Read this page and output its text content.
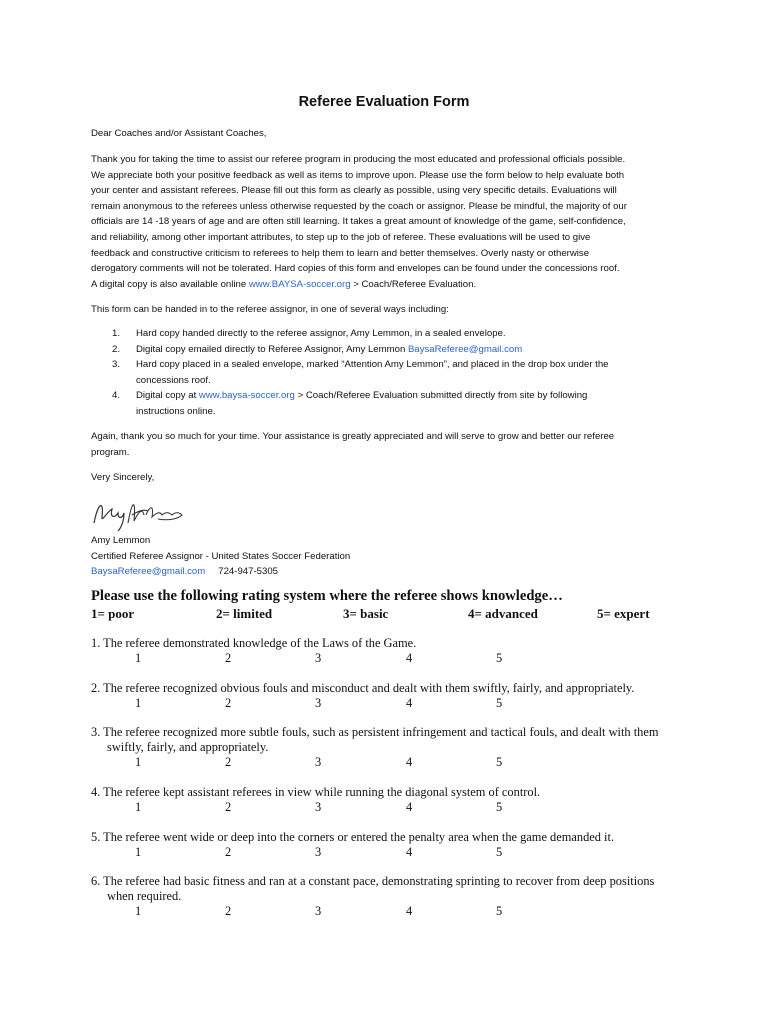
Referee Evaluation Form
Dear Coaches and/or Assistant Coaches,
Thank you for taking the time to assist our referee program in producing the most educated and professional officials possible.
We appreciate both your positive feedback as well as items to improve upon. Please use the form below to help evaluate both
your center and assistant referees. Please fill out this form as clearly as possible, using very specific details. Evaluations will
remain anonymous to the referees unless otherwise requested by the coach or assignor. Please be mindful, the majority of our
officials are 14 -18 years of age and are often still learning. It takes a great amount of knowledge of the game, self-confidence,
and reliability, among other important attributes, to step up to the job of referee. These evaluations will be used to give
feedback and constructive criticism to referees to help them to learn and better themselves. Overly nasty or otherwise
derogatory comments will not be tolerated. Hard copies of this form and envelopes can be found under the concessions roof.
A digital copy is also available online www.BAYSA-soccer.org > Coach/Referee Evaluation.
This form can be handed in to the referee assignor, in one of several ways including:
1. Hard copy handed directly to the referee assignor, Amy Lemmon, in a sealed envelope.
2. Digital copy emailed directly to Referee Assignor, Amy Lemmon BaysaReferee@gmail.com
3. Hard copy placed in a sealed envelope, marked “Attention Amy Lemmon”, and placed in the drop box under the
concessions roof.
4. Digital copy at www.baysa-soccer.org > Coach/Referee Evaluation submitted directly from site by following
instructions online.
Again, thank you so much for your time. Your assistance is greatly appreciated and will serve to grow and better our referee
program.
Very Sincerely,
Amy Lemmon
Certified Referee Assignor - United States Soccer Federation
BaysaReferee@gmail.com 724-947-5305
Please use the following rating system where the referee shows knowledge…
1= poor	2= limited	3= basic	4= advanced	5= expert
1. The referee demonstrated knowledge of the Laws of the Game.
1	2	3	4	5
2. The referee recognized obvious fouls and misconduct and dealt with them swiftly, fairly, and appropriately.
1	2	3	4	5
3. The referee recognized more subtle fouls, such as persistent infringement and tactical fouls, and dealt with them
swiftly, fairly, and appropriately.
1	2	3	4	5
4. The referee kept assistant referees in view while running the diagonal system of control.
1	2	3	4	5
5. The referee went wide or deep into the corners or entered the penalty area when the game demanded it.
1	2	3	4	5
6. The referee had basic fitness and ran at a constant pace, demonstrating sprinting to recover from deep positions
when required.
1	2	3	4	5
